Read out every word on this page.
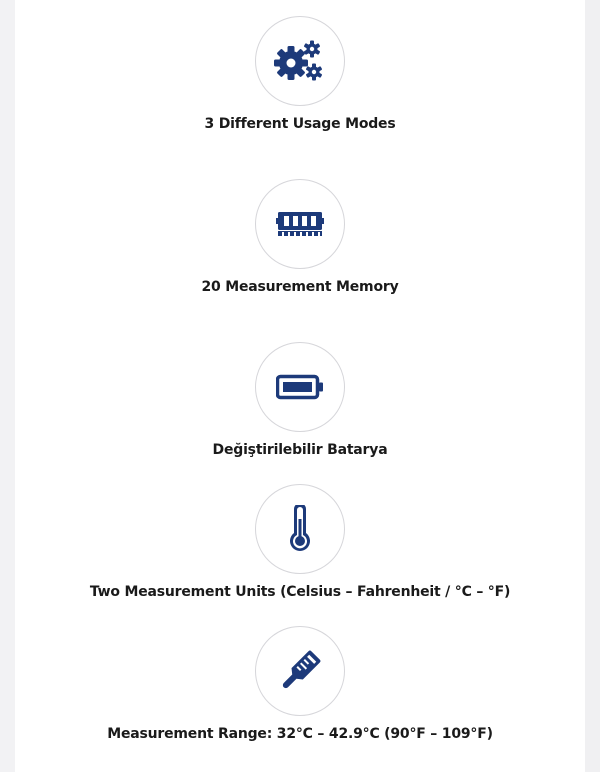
3 Different Usage Modes
20 Measurement Memory
Değiştirilebilir Batarya
Two Measurement Units (Celsius – Fahrenheit / °C – °F)
Measurement Range: 32°C – 42.9°C (90°F – 109°F)
